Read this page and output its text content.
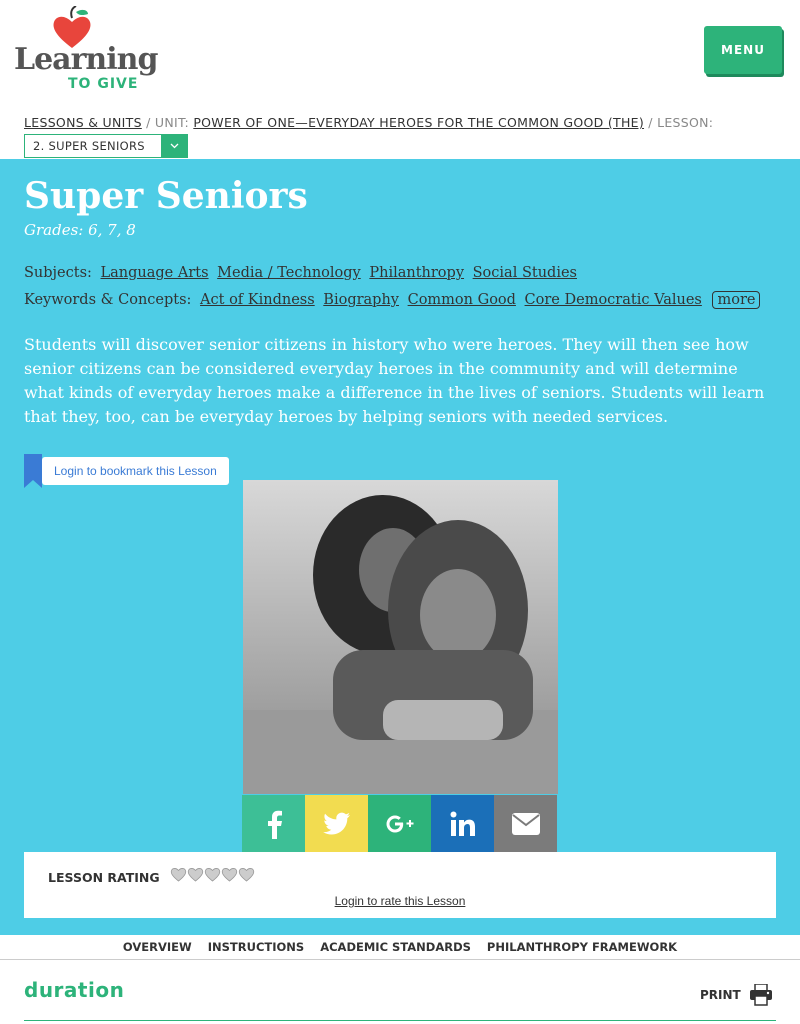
Learning
TO GIVE
MENU
LESSONS & UNITS / UNIT: POWER OF ONE—EVERYDAY HEROES FOR THE COMMON GOOD (THE) / LESSON:
2. SUPER SENIORS
Super Seniors
Grades: 6, 7, 8
Subjects: Language Arts Media / Technology Philanthropy Social Studies
Keywords & Concepts: Act of Kindness Biography Common Good Core Democratic Values more

Students will discover senior citizens in history who were heroes. They will then see how senior citizens can be considered everyday heroes in the community and will determine what kinds of everyday heroes make a difference in the lives of seniors. Students will learn that they, too, can be everyday heroes by helping seniors with needed services.

Login to bookmark this Lesson
LESSON RATING
Login to rate this Lesson
OVERVIEW INSTRUCTIONS ACADEMIC STANDARDS PHILANTHROPY FRAMEWORK
duration	PRINT
